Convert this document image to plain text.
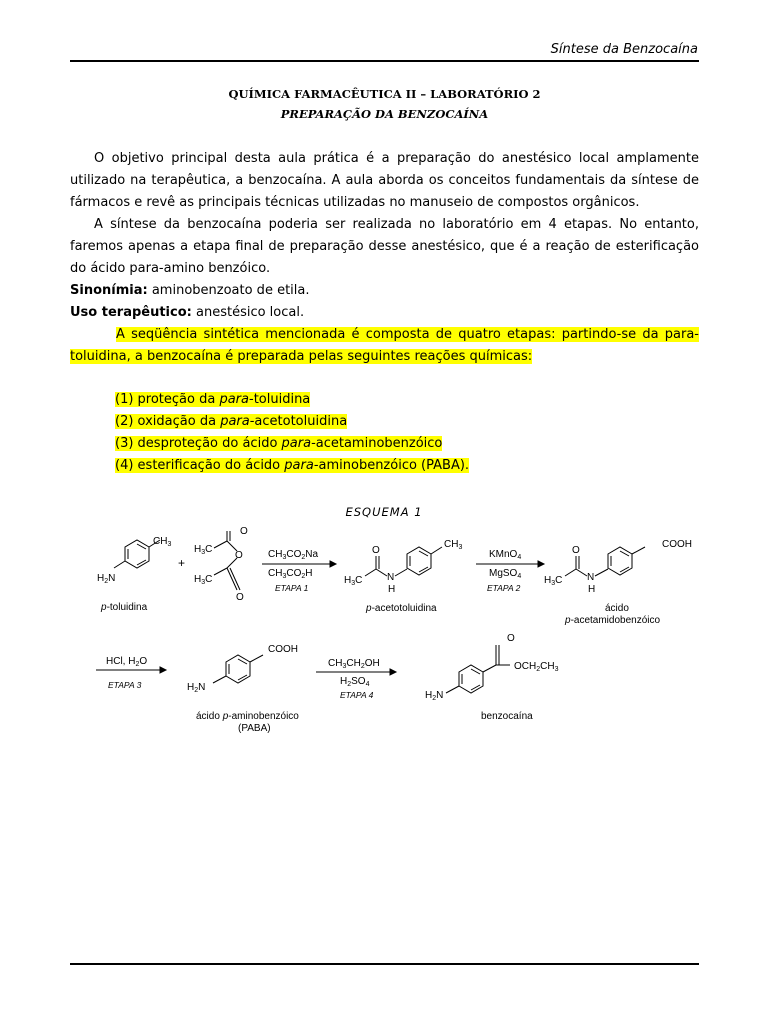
Síntese da Benzocaína
QUÍMICA FARMACÊUTICA II – LABORATÓRIO 2
PREPARAÇÃO DA BENZOCAÍNA

O objetivo principal desta aula prática é a preparação do anestésico local amplamente utilizado na terapêutica, a benzocaína. A aula aborda os conceitos fundamentais da síntese de fármacos e revê as principais técnicas utilizadas no manuseio de compostos orgânicos.

A síntese da benzocaína poderia ser realizada no laboratório em 4 etapas. No entanto, faremos apenas a etapa final de preparação desse anestésico, que é a reação de esterificação do ácido para-amino benzóico.

Sinonímia: aminobenzoato de etila.

Uso terapêutico: anestésico local.

A seqüência sintética mencionada é composta de quatro etapas: partindo-se da para-toluidina, a benzocaína é preparada pelas seguintes reações químicas:

(1) proteção da para-toluidina
(2) oxidação da para-acetotoluidina
(3) desproteção do ácido para-acetaminobenzóico
(4) esterificação do ácido para-aminobenzóico (PABA).
ESQUEMA 1
$CH_3$
$H_2N$
p-toluidina
+
O
O
$H_3C$
$H_3C$
O
$CH_3CO_2Na$
$CH_3CO_2H$
ETAPA 1
O
$H_3C$ N
H
$CH_3$
p-acetotoluidina
KMnO$_4$
MgSO$_4$
ETAPA 2
O
$H_3C$ N
H
COOH
ácido
p-acetamidobenzóico
HCl, $H_2O$
ETAPA 3
COOH
$H_2N$
ácido p-aminobenzóico
(PABA)
$CH_3CH_2OH$
$H_2SO_4$
ETAPA 4
O
$OCH_2CH_3$
$H_2N$
benzocaína
